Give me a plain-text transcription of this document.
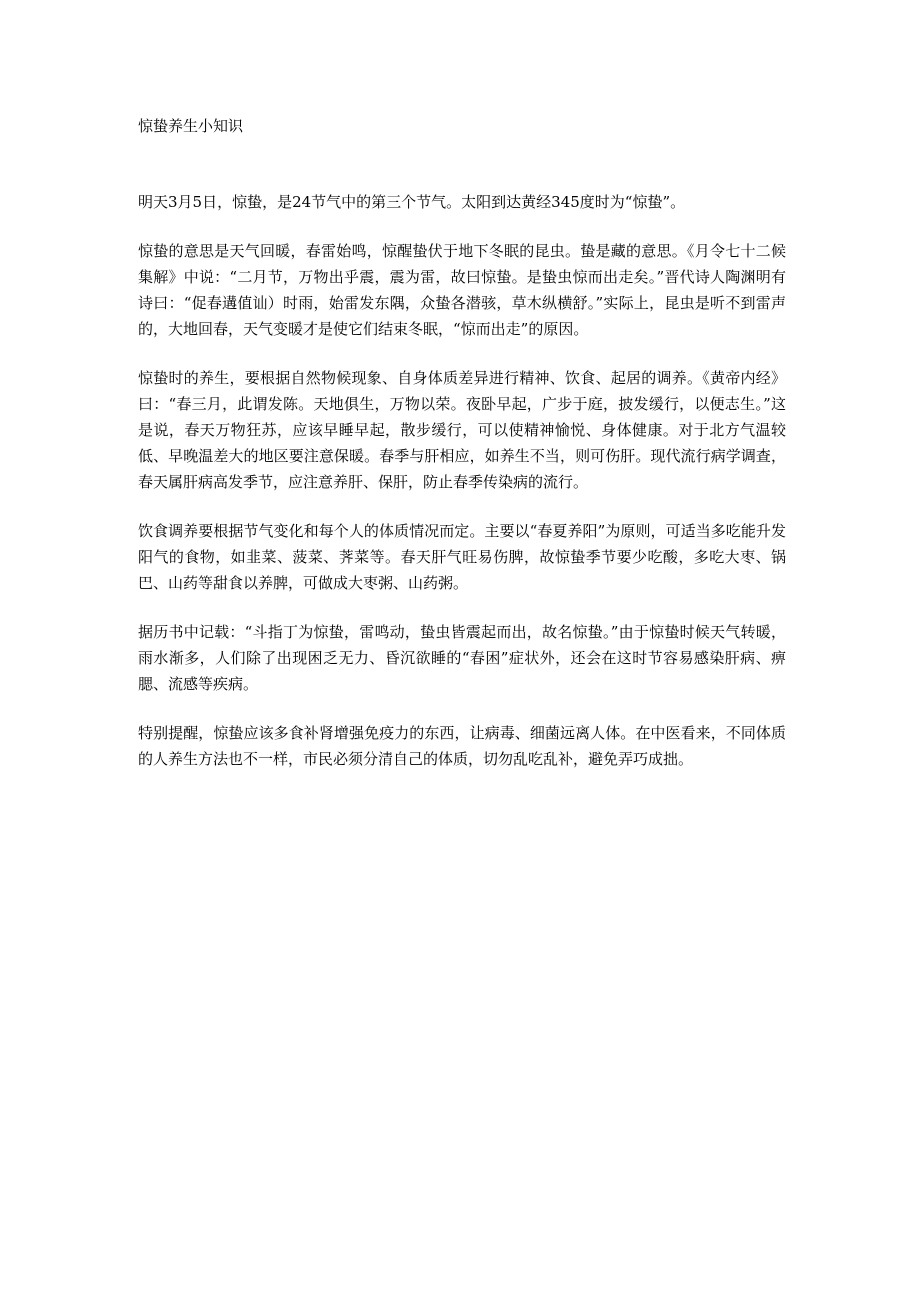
惊蛰养生小知识

明天3月5日，惊蛰，是24节气中的第三个节气。太阳到达黄经345度时为“惊蛰”。

惊蛰的意思是天气回暖，春雷始鸣，惊醒蛰伏于地下冬眠的昆虫。蛰是藏的意思。《月令七十二候集解》中说：“二月节，万物出乎震，震为雷，故曰惊蛰。是蛰虫惊而出走矣。”晋代诗人陶渊明有诗曰：“促春遘值讪）时雨，始雷发东隅，众蛰各潜骇，草木纵横舒。”实际上，昆虫是听不到雷声的，大地回春，天气变暖才是使它们结束冬眠，“惊而出走”的原因。

惊蛰时的养生，要根据自然物候现象、自身体质差异进行精神、饮食、起居的调养。《黄帝内经》曰：“春三月，此谓发陈。天地俱生，万物以荣。夜卧早起，广步于庭，披发缓行，以便志生。”这是说，春天万物狂苏，应该早睡早起，散步缓行，可以使精神愉悦、身体健康。对于北方气温较低、早晚温差大的地区要注意保暖。春季与肝相应，如养生不当，则可伤肝。现代流行病学调查，春天属肝病高发季节，应注意养肝、保肝，防止春季传染病的流行。

饮食调养要根据节气变化和每个人的体质情况而定。主要以“春夏养阳”为原则，可适当多吃能升发阳气的食物，如韭菜、菠菜、荠菜等。春天肝气旺易伤脾，故惊蛰季节要少吃酸，多吃大枣、锅巴、山药等甜食以养脾，可做成大枣粥、山药粥。

据历书中记载：“斗指丁为惊蛰，雷鸣动，蛰虫皆震起而出，故名惊蛰。”由于惊蛰时候天气转暖，雨水渐多，人们除了出现困乏无力、昏沉欲睡的“春困”症状外，还会在这时节容易感染肝病、痹腮、流感等疾病。

特别提醒，惊蛰应该多食补肾增强免疫力的东西，让病毒、细菌远离人体。在中医看来，不同体质的人养生方法也不一样，市民必须分清自己的体质，切勿乱吃乱补，避免弄巧成拙。
